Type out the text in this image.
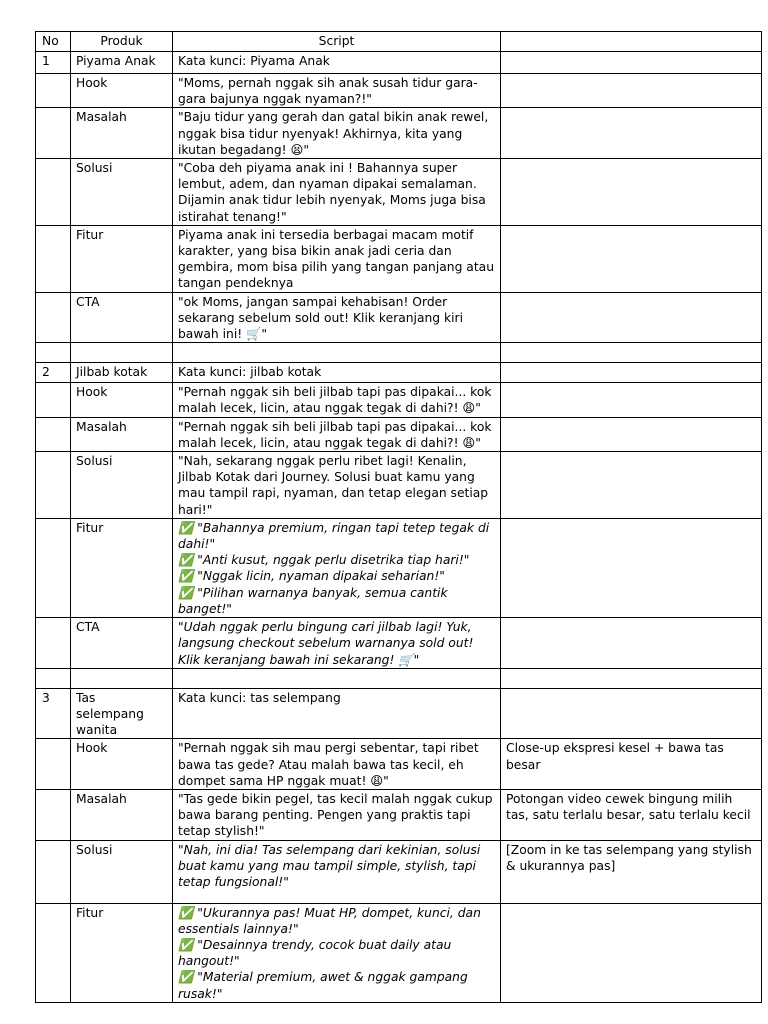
No	Produk	Script	
1	Piyama Anak	Kata kunci: Piyama Anak	
	Hook	"Moms, pernah nggak sih anak susah tidur gara-gara bajunya nggak nyaman?!"	
	Masalah	"Baju tidur yang gerah dan gatal bikin anak rewel, nggak bisa tidur nyenyak! Akhirnya, kita yang ikutan begadang! 😫"	
	Solusi	"Coba deh piyama anak ini ! Bahannya super lembut, adem, dan nyaman dipakai semalaman. Dijamin anak tidur lebih nyenyak, Moms juga bisa istirahat tenang!"	
	Fitur	Piyama anak ini tersedia berbagai macam motif karakter, yang bisa bikin anak jadi ceria dan gembira, mom bisa pilih yang tangan panjang atau tangan pendeknya	
	CTA	"ok Moms, jangan sampai kehabisan! Order sekarang sebelum sold out! Klik keranjang kiri bawah ini! 🛒"	

2	Jilbab kotak	Kata kunci: jilbab kotak	
	Hook	"Pernah nggak sih beli jilbab tapi pas dipakai... kok malah lecek, licin, atau nggak tegak di dahi?! 😩"	
	Masalah	"Pernah nggak sih beli jilbab tapi pas dipakai... kok malah lecek, licin, atau nggak tegak di dahi?! 😩"	
	Solusi	"Nah, sekarang nggak perlu ribet lagi! Kenalin, Jilbab Kotak dari Journey. Solusi buat kamu yang mau tampil rapi, nyaman, dan tetap elegan setiap hari!"	
	Fitur	✅ "Bahannya premium, ringan tapi tetep tegak di dahi!"
✅ "Anti kusut, nggak perlu disetrika tiap hari!"
✅ "Nggak licin, nyaman dipakai seharian!"
✅ "Pilihan warnanya banyak, semua cantik banget!"	

	CTA	"Udah nggak perlu bingung cari jilbab lagi! Yuk, langsung checkout sebelum warnanya sold out! Klik keranjang bawah ini sekarang! 🛒"	

3	Tas selempang wanita	Kata kunci: tas selempang	
	Hook	"Pernah nggak sih mau pergi sebentar, tapi ribet bawa tas gede? Atau malah bawa tas kecil, eh dompet sama HP nggak muat! 😩"	Close-up ekspresi kesel + bawa tas besar
	Masalah	"Tas gede bikin pegel, tas kecil malah nggak cukup bawa barang penting. Pengen yang praktis tapi tetap stylish!"	Potongan video cewek bingung milih tas, satu terlalu besar, satu terlalu kecil
	Solusi	"Nah, ini dia! Tas selempang dari kekinian, solusi buat kamu yang mau tampil simple, stylish, tapi tetap fungsional!"	[Zoom in ke tas selempang yang stylish & ukurannya pas]
	Fitur	✅ "Ukurannya pas! Muat HP, dompet, kunci, dan essentials lainnya!"
✅ "Desainnya trendy, cocok buat daily atau hangout!"
✅ "Material premium, awet & nggak gampang rusak!"	
